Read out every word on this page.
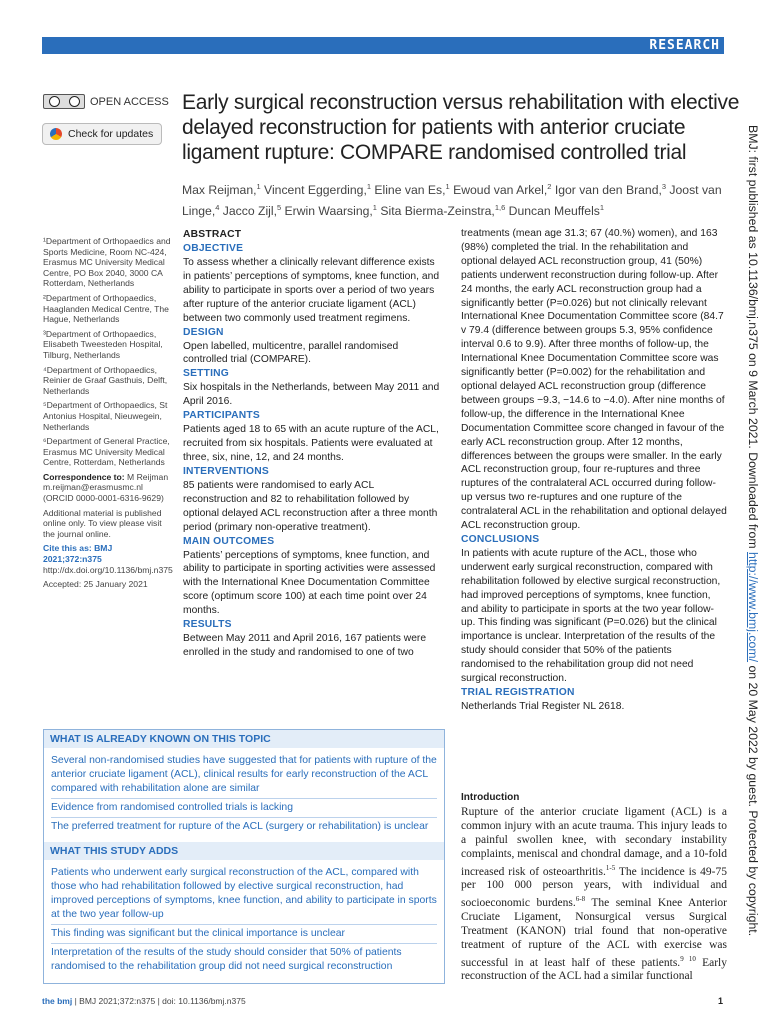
RESEARCH
OPEN ACCESS
Check for updates
Early surgical reconstruction versus rehabilitation with elective delayed reconstruction for patients with anterior cruciate ligament rupture: COMPARE randomised controlled trial
Max Reijman,$^1$ Vincent Eggerding,$^1$ Eline van Es,$^1$ Ewoud van Arkel,$^2$ Igor van den Brand,$^3$ Joost van Linge,$^4$ Jacco Zijl,$^5$ Erwin Waarsing,$^1$ Sita Bierma-Zeinstra,$^{1,6}$ Duncan Meuffels$^1$

¹Department of Orthopaedics and Sports Medicine, Room NC-424, Erasmus MC University Medical Centre, PO Box 2040, 3000 CA Rotterdam, Netherlands

²Department of Orthopaedics, Haaglanden Medical Centre, The Hague, Netherlands

³Department of Orthopaedics, Elisabeth Tweesteden Hospital, Tilburg, Netherlands

⁴Department of Orthopaedics, Reinier de Graaf Gasthuis, Delft, Netherlands

⁵Department of Orthopaedics, St Antonius Hospital, Nieuwegein, Netherlands

⁶Department of General Practice, Erasmus MC University Medical Centre, Rotterdam, Netherlands

Correspondence to: M Reijman m.reijman@erasmusmc.nl (ORCID 0000-0001-6316-9629)

Additional material is published online only. To view please visit the journal online.

Cite this as: BMJ 2021;372:n375

http://dx.doi.org/10.1136/bmj.n375

Accepted: 25 January 2021

ABSTRACT
OBJECTIVE

To assess whether a clinically relevant difference exists in patients’ perceptions of symptoms, knee function, and ability to participate in sports over a period of two years after rupture of the anterior cruciate ligament (ACL) between two commonly used treatment regimens.

DESIGN

Open labelled, multicentre, parallel randomised controlled trial (COMPARE).

SETTING

Six hospitals in the Netherlands, between May 2011 and April 2016.

PARTICIPANTS

Patients aged 18 to 65 with an acute rupture of the ACL, recruited from six hospitals. Patients were evaluated at three, six, nine, 12, and 24 months.

INTERVENTIONS

85 patients were randomised to early ACL reconstruction and 82 to rehabilitation followed by optional delayed ACL reconstruction after a three month period (primary non-operative treatment).

MAIN OUTCOMES

Patients’ perceptions of symptoms, knee function, and ability to participate in sporting activities were assessed with the International Knee Documentation Committee score (optimum score 100) at each time point over 24 months.

RESULTS

Between May 2011 and April 2016, 167 patients were enrolled in the study and randomised to one of two

treatments (mean age 31.3; 67 (40.%) women), and 163 (98%) completed the trial. In the rehabilitation and optional delayed ACL reconstruction group, 41 (50%) patients underwent reconstruction during follow-up. After 24 months, the early ACL reconstruction group had a significantly better (P=0.026) but not clinically relevant International Knee Documentation Committee score (84.7 v 79.4 (difference between groups 5.3, 95% confidence interval 0.6 to 9.9). After three months of follow-up, the International Knee Documentation Committee score was significantly better (P=0.002) for the rehabilitation and optional delayed ACL reconstruction group (difference between groups −9.3, −14.6 to −4.0). After nine months of follow-up, the difference in the International Knee Documentation Committee score changed in favour of the early ACL reconstruction group. After 12 months, differences between the groups were smaller. In the early ACL reconstruction group, four re-ruptures and three ruptures of the contralateral ACL occurred during follow-up versus two re-ruptures and one rupture of the contralateral ACL in the rehabilitation and optional delayed ACL reconstruction group.

CONCLUSIONS

In patients with acute rupture of the ACL, those who underwent early surgical reconstruction, compared with rehabilitation followed by elective surgical reconstruction, had improved perceptions of symptoms, knee function, and ability to participate in sports at the two year follow-up. This finding was significant (P=0.026) but the clinical importance is unclear. Interpretation of the results of the study should consider that 50% of the patients randomised to the rehabilitation group did not need surgical reconstruction.

TRIAL REGISTRATION

Netherlands Trial Register NL 2618.

WHAT IS ALREADY KNOWN ON THIS TOPIC
Several non-randomised studies have suggested that for patients with rupture of the anterior cruciate ligament (ACL), clinical results for early reconstruction of the ACL compared with rehabilitation alone are similar
Evidence from randomised controlled trials is lacking
The preferred treatment for rupture of the ACL (surgery or rehabilitation) is unclear
WHAT THIS STUDY ADDS
Patients who underwent early surgical reconstruction of the ACL, compared with those who had rehabilitation followed by elective surgical reconstruction, had improved perceptions of symptoms, knee function, and ability to participate in sports at the two year follow-up
This finding was significant but the clinical importance is unclear
Interpretation of the results of the study should consider that 50% of patients randomised to the rehabilitation group did not need surgical reconstruction
Introduction

Rupture of the anterior cruciate ligament (ACL) is a common injury with an acute trauma. This injury leads to a painful swollen knee, with secondary instability complaints, meniscal and chondral damage, and a 10-fold increased risk of osteoarthritis.$^{1-5}$ The incidence is 49-75 per 100 000 person years, with individual and socioeconomic burdens.$^{6-8}$ The seminal Knee Anterior Cruciate Ligament, Nonsurgical versus Surgical Treatment (KANON) trial found that non-operative treatment of rupture of the ACL with exercise was successful in at least half of these patients.$^{9 10}$ Early reconstruction of the ACL had a similar functional

BMJ: first published as 10.1136/bmj.n375 on 9 March 2021. Downloaded from http://www.bmj.com/ on 20 May 2022 by guest. Protected by copyright.
the bmj | BMJ 2021;372:n375 | doi: 10.1136/bmj.n375	1
